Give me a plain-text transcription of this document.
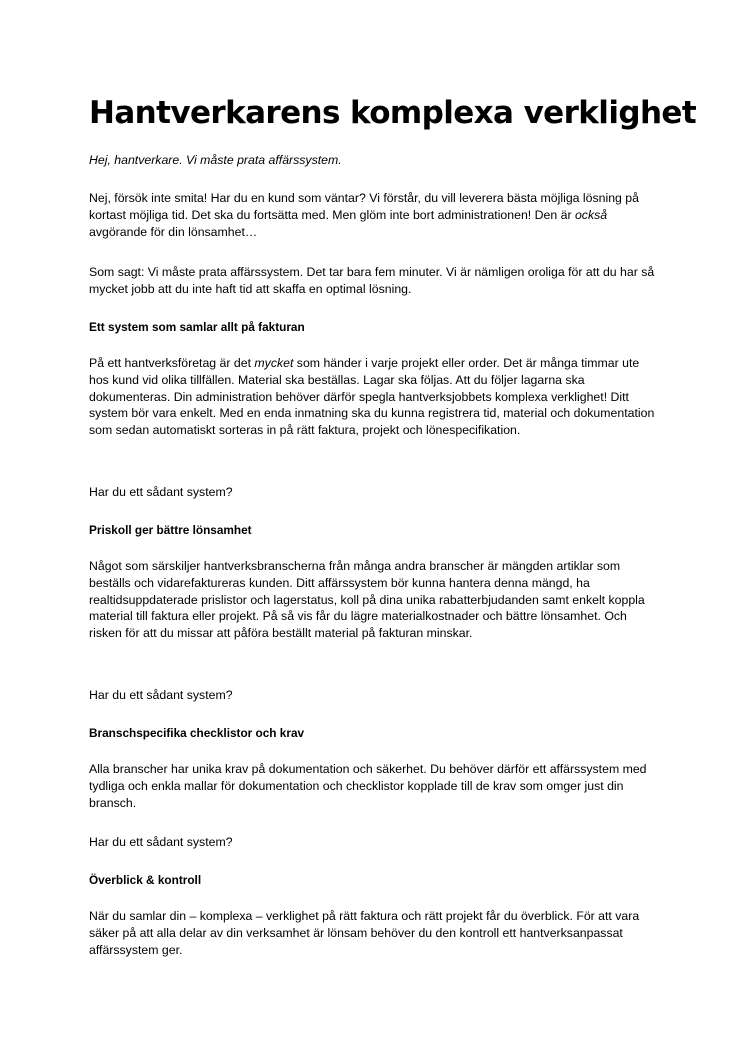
Hantverkarens komplexa verklighet

Hej, hantverkare. Vi måste prata affärssystem.

Nej, försök inte smita! Har du en kund som väntar? Vi förstår, du vill leverera bästa möjliga lösning på kortast möjliga tid. Det ska du fortsätta med. Men glöm inte bort administrationen! Den är också avgörande för din lönsamhet…

Som sagt: Vi måste prata affärssystem. Det tar bara fem minuter. Vi är nämligen oroliga för att du har så mycket jobb att du inte haft tid att skaffa en optimal lösning.

Ett system som samlar allt på fakturan

På ett hantverksföretag är det mycket som händer i varje projekt eller order. Det är många timmar ute hos kund vid olika tillfällen. Material ska beställas. Lagar ska följas. Att du följer lagarna ska dokumenteras. Din administration behöver därför spegla hantverksjobbets komplexa verklighet! Ditt system bör vara enkelt. Med en enda inmatning ska du kunna registrera tid, material och dokumentation som sedan automatiskt sorteras in på rätt faktura, projekt och lönespecifikation.

Har du ett sådant system?

Priskoll ger bättre lönsamhet

Något som särskiljer hantverksbranscherna från många andra branscher är mängden artiklar som beställs och vidarefaktureras kunden. Ditt affärssystem bör kunna hantera denna mängd, ha realtidsuppdaterade prislistor och lagerstatus, koll på dina unika rabatterbjudanden samt enkelt koppla material till faktura eller projekt. På så vis får du lägre materialkostnader och bättre lönsamhet. Och risken för att du missar att påföra beställt material på fakturan minskar.

Har du ett sådant system?

Branschspecifika checklistor och krav

Alla branscher har unika krav på dokumentation och säkerhet. Du behöver därför ett affärssystem med tydliga och enkla mallar för dokumentation och checklistor kopplade till de krav som omger just din bransch.

Har du ett sådant system?

Överblick & kontroll

När du samlar din – komplexa – verklighet på rätt faktura och rätt projekt får du överblick. För att vara säker på att alla delar av din verksamhet är lönsam behöver du den kontroll ett hantverksanpassat affärssystem ger.
